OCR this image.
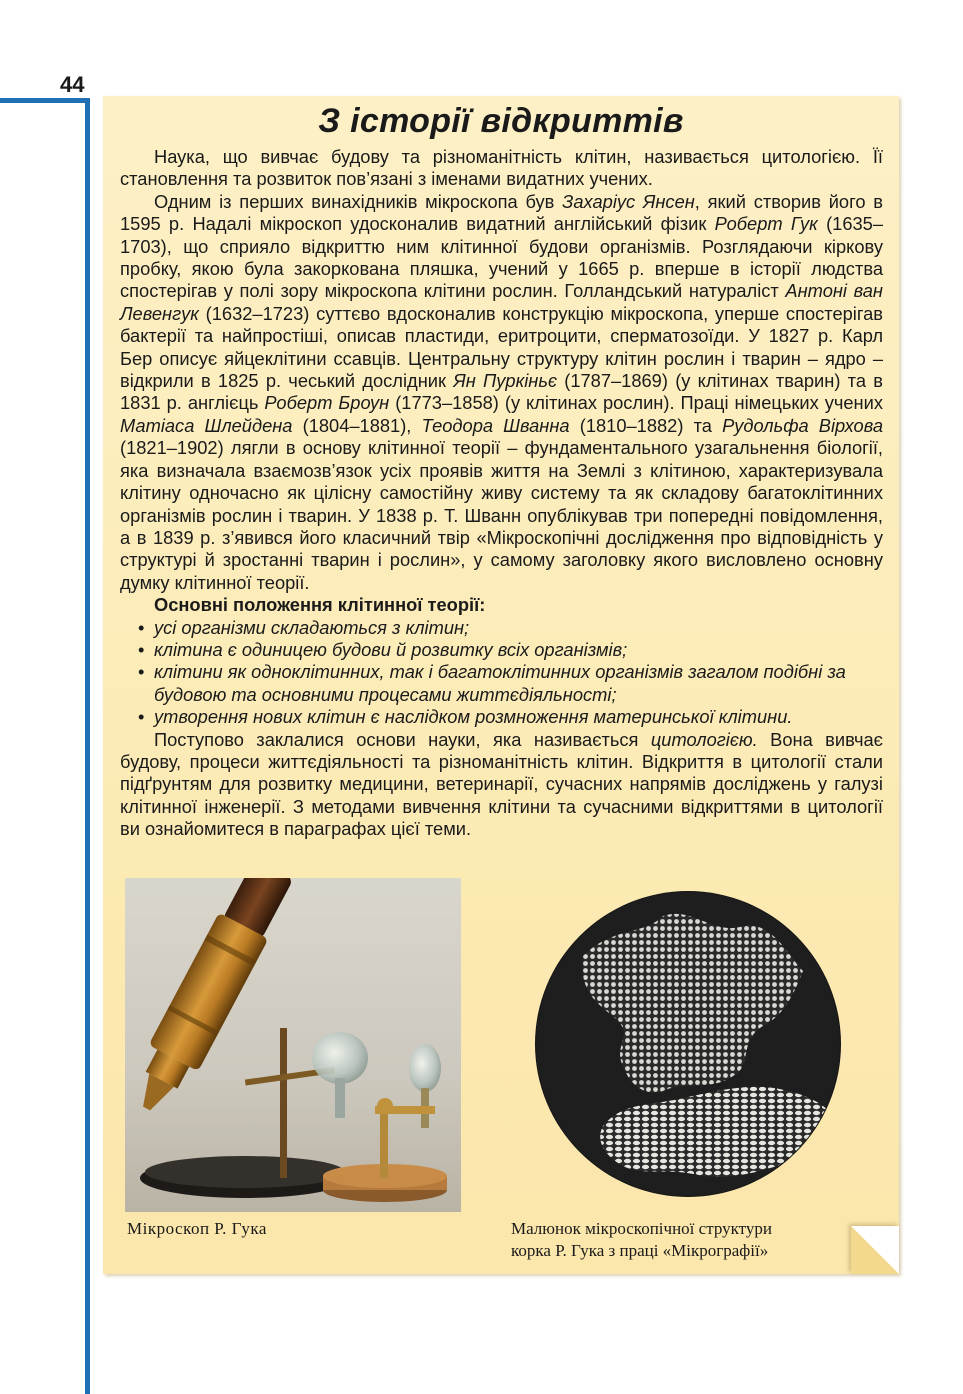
44
З історії відкриттів

Наука, що вивчає будову та різноманітність клітин, називається цитологією. Її становлення та розвиток пов’язані з іменами видатних учених.

Одним із перших винахідників мікроскопа був Захаріус Янсен, який створив його в 1595 р. Надалі мікроскоп удосконалив видатний англійський фізик Роберт Гук (1635–1703), що сприяло відкриттю ним клітинної будови організмів. Розглядаючи кіркову пробку, якою була закоркована пляшка, учений у 1665 р. вперше в історії людства спостерігав у полі зору мікроскопа клітини рослин. Голландський натураліст Антоні ван Левенгук (1632–1723) суттєво вдосконалив конструкцію мікроскопа, уперше спостерігав бактерії та найпростіші, описав пластиди, еритроцити, сперматозоїди. У 1827 р. Карл Бер описує яйцеклітини ссавців. Центральну структуру клітин рослин і тварин – ядро – відкрили в 1825 р. чеський дослідник Ян Пуркіньє (1787–1869) (у клітинах тварин) та в 1831 р. англієць Роберт Броун (1773–1858) (у клітинах рослин). Праці німецьких учених Матіаса Шлейдена (1804–1881), Теодора Шванна (1810–1882) та Рудольфа Вірхова (1821–1902) лягли в основу клітинної теорії – фундаментального узагальнення біології, яка визначала взаємозв’язок усіх проявів життя на Землі з клітиною, характеризувала клітину одночасно як цілісну самостійну живу систему та як складову багатоклітинних організмів рослин і тварин. У 1838 р. Т. Шванн опублікував три попередні повідомлення, а в 1839 р. з’явився його класичний твір «Мікроскопічні дослідження про відповідність у структурі й зростанні тварин і рослин», у самому заголовку якого висловлено основну думку клітинної теорії.

Основні положення клітинної теорії:

• усі організми складаються з клітин;
• клітина є одиницею будови й розвитку всіх організмів;
• клітини як одноклітинних, так і багатоклітинних організмів загалом подібні за будовою та основними процесами життєдіяльності;
• утворення нових клітин є наслідком розмноження материнської клітини.

Поступово заклалися основи науки, яка називається цитологією. Вона вивчає будову, процеси життєдіяльності та різноманітність клітин. Відкриття в цитології стали підґрунтям для розвитку медицини, ветеринарії, сучасних напрямів досліджень у галузі клітинної інженерії. З методами вивчення клітини та сучасними відкриттями в цитології ви ознайомитеся в параграфах цієї теми.

Мікроскоп Р. Гука	Малюнок мікроскопічної структури
корка Р. Гука з праці «Мікрографії»
